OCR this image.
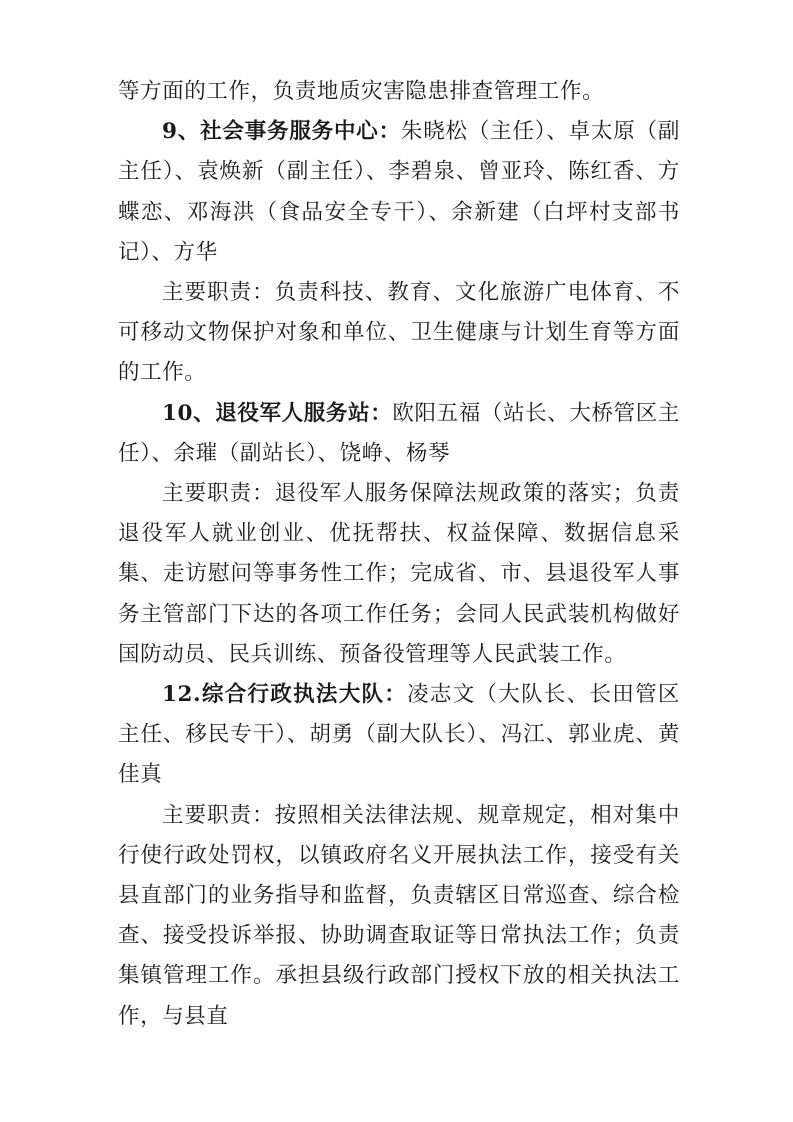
等方面的工作，负责地质灾害隐患排查管理工作。

9、社会事务服务中心：朱晓松（主任）、卓太原（副主任）、袁焕新（副主任）、李碧泉、曾亚玲、陈红香、方蝶恋、邓海洪（食品安全专干）、余新建（白坪村支部书记）、方华

主要职责：负责科技、教育、文化旅游广电体育、不可移动文物保护对象和单位、卫生健康与计划生育等方面的工作。

10、退役军人服务站：欧阳五福（站长、大桥管区主任）、余璀（副站长）、饶峥、杨琴

主要职责：退役军人服务保障法规政策的落实；负责退役军人就业创业、优抚帮扶、权益保障、数据信息采集、走访慰问等事务性工作；完成省、市、县退役军人事务主管部门下达的各项工作任务；会同人民武装机构做好国防动员、民兵训练、预备役管理等人民武装工作。

12.综合行政执法大队：凌志文（大队长、长田管区主任、移民专干）、胡勇（副大队长）、冯江、郭业虎、黄佳真

主要职责：按照相关法律法规、规章规定，相对集中行使行政处罚权，以镇政府名义开展执法工作，接受有关县直部门的业务指导和监督，负责辖区日常巡查、综合检查、接受投诉举报、协助调查取证等日常执法工作；负责集镇管理工作。承担县级行政部门授权下放的相关执法工作，与县直
